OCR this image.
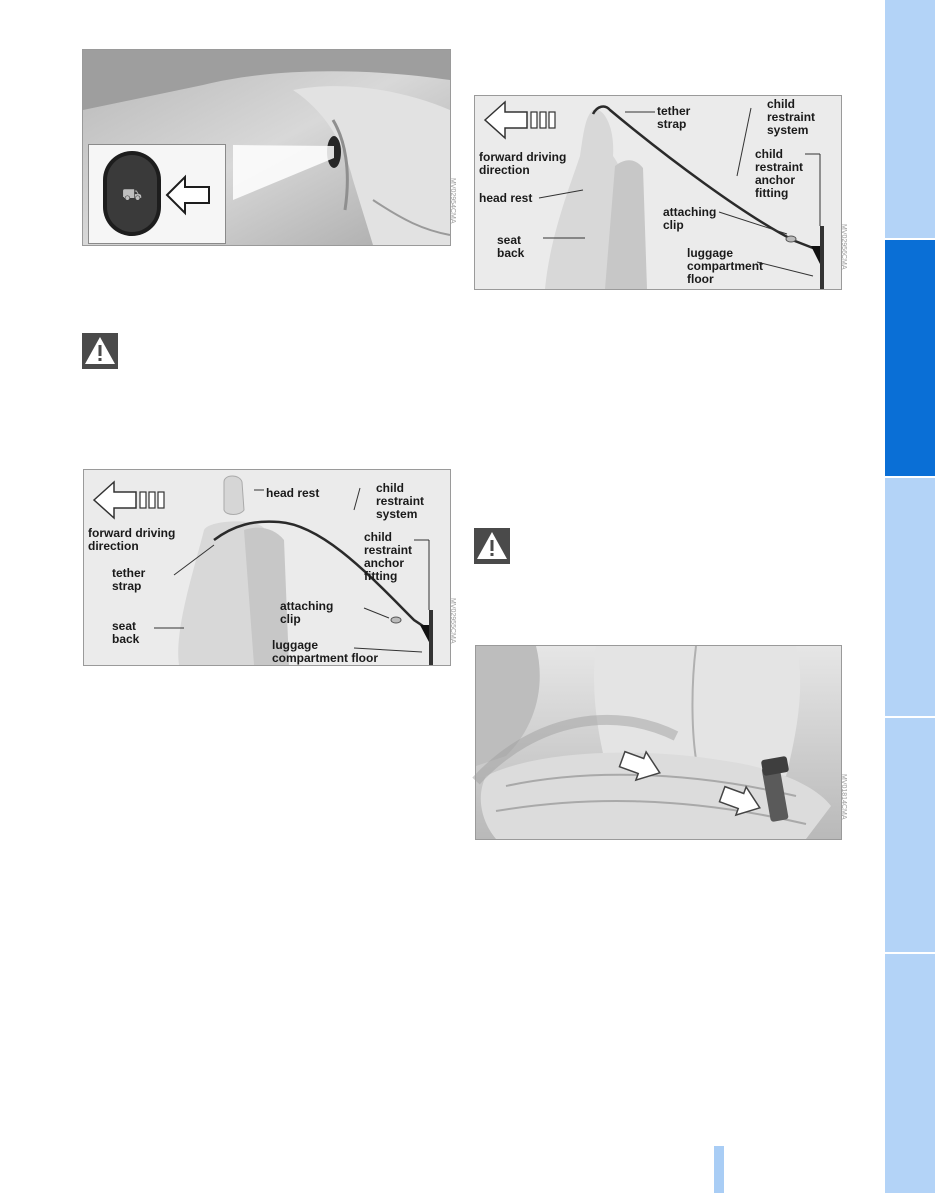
⛟	MV02954CMA
forward driving
direction
head rest	child
restraint
system
tether
strap
child
restraint
anchor
fitting
seat
back
attaching
clip
luggage
compartment floor
MV02955CMA
tether
strap
child
restraint
system
forward driving
direction
child
restraint
anchor
fitting
head rest
attaching
clip
seat
back	luggage
compartment
floor
MV02956CMA
MV01814CMA
